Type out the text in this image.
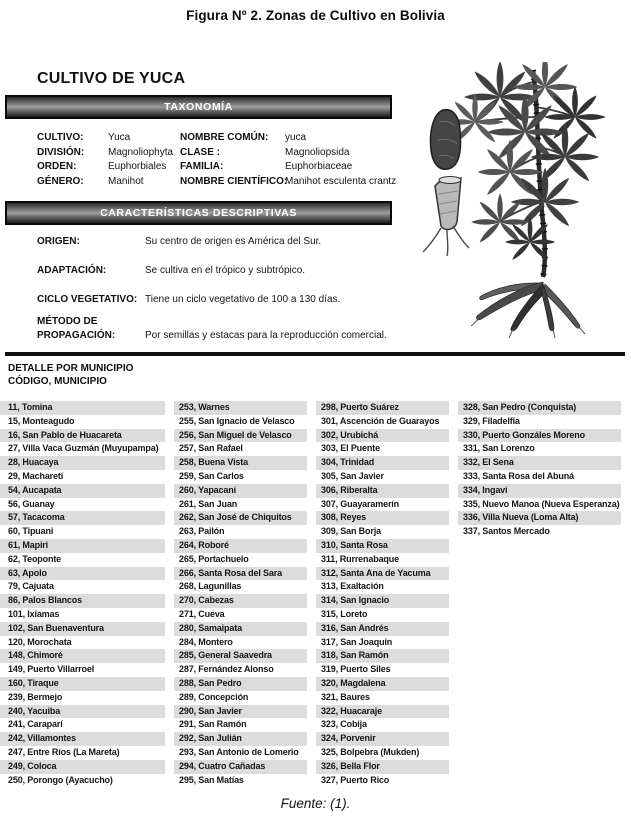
Figura Nº 2. Zonas de Cultivo en Bolivia
CULTIVO DE YUCA
TAXONOMÍA
CULTIVO:	Yuca	NOMBRE COMÚN:	yuca
DIVISIÓN:	Magnoliophyta CLASE :	Magnoliopsida
ORDEN:	Euphorbiales	FAMILIA:	Euphorbiaceae
GÉNERO:	Manihot	NOMBRE CIENTÍFICO:
Manihot esculenta crantz
CARACTERÍSTICAS DESCRIPTIVAS
ORIGEN:	Su centro de origen es América del Sur.
ADAPTACIÓN:	Se cultiva en el trópico y subtrópico.
CICLO VEGETATIVO: Tiene un ciclo vegetativo de 100 a 130 días.
MÉTODO DE PROPAGACIÓN:	Por semillas y estacas para la reproducción comercial.
DETALLE POR MUNICIPIO
CÓDIGO, MUNICIPIO
11, Tomina
15, Monteagudo
16, San Pablo de Huacareta
27, Villa Vaca Guzmán (Muyupampa)
28, Huacaya
29, Macharetí
54, Aucapata
56, Guanay
57, Tacacoma
60, Tipuani
61, Mapiri
62, Teoponte
63, Apolo
79, Cajuata
86, Palos Blancos
101, Ixiamas
102, San Buenaventura
120, Morochata
148, Chimoré
149, Puerto Villarroel
160, Tiraque
239, Bermejo
240, Yacuiba
241, Caraparí
242, Villamontes
247, Entre Ríos (La Mareta)
249, Coloca
250, Porongo (Ayacucho)
253, Warnes
255, San Ignacio de Velasco
256, San Miguel de Velasco
257, San Rafael
258, Buena Vista
259, San Carlos
260, Yapacaní
261, San Juan
262, San José de Chiquitos
263, Pailón
264, Roboré
265, Portachuelo
266, Santa Rosa del Sara
268, Lagunillas
270, Cabezas
271, Cueva
280, Samaipata
284, Montero
285, General Saavedra
287, Fernández Alonso
288, San Pedro
289, Concepción
290, San Javier
291, San Ramón
292, San Julián
293, San Antonio de Lomerio
294, Cuatro Cañadas
295, San Matías
298, Puerto Suárez
301, Ascención de Guarayos
302, Urubichá
303, El Puente
304, Trinidad
305, San Javier
306, Riberalta
307, Guayaramerín
308, Reyes
309, San Borja
310, Santa Rosa
311, Rurrenabaque
312, Santa Ana de Yacuma
313, Exaltación
314, San Ignacio
315, Loreto
316, San Andrés
317, San Joaquín
318, San Ramón
319, Puerto Siles
320, Magdalena
321, Baures
322, Huacaraje
323, Cobija
324, Porvenir
325, Bolpebra (Mukden)
326, Bella Flor
327, Puerto Rico
328, San Pedro (Conquista)
329, Filadelfia
330, Puerto Gonzáles Moreno
331, San Lorenzo
332, El Sena
333, Santa Rosa del Abuná
334, Ingavi
335, Nuevo Manoa (Nueva Esperanza)
336, Villa Nueva (Loma Alta)
337, Santos Mercado
Fuente: (1).
